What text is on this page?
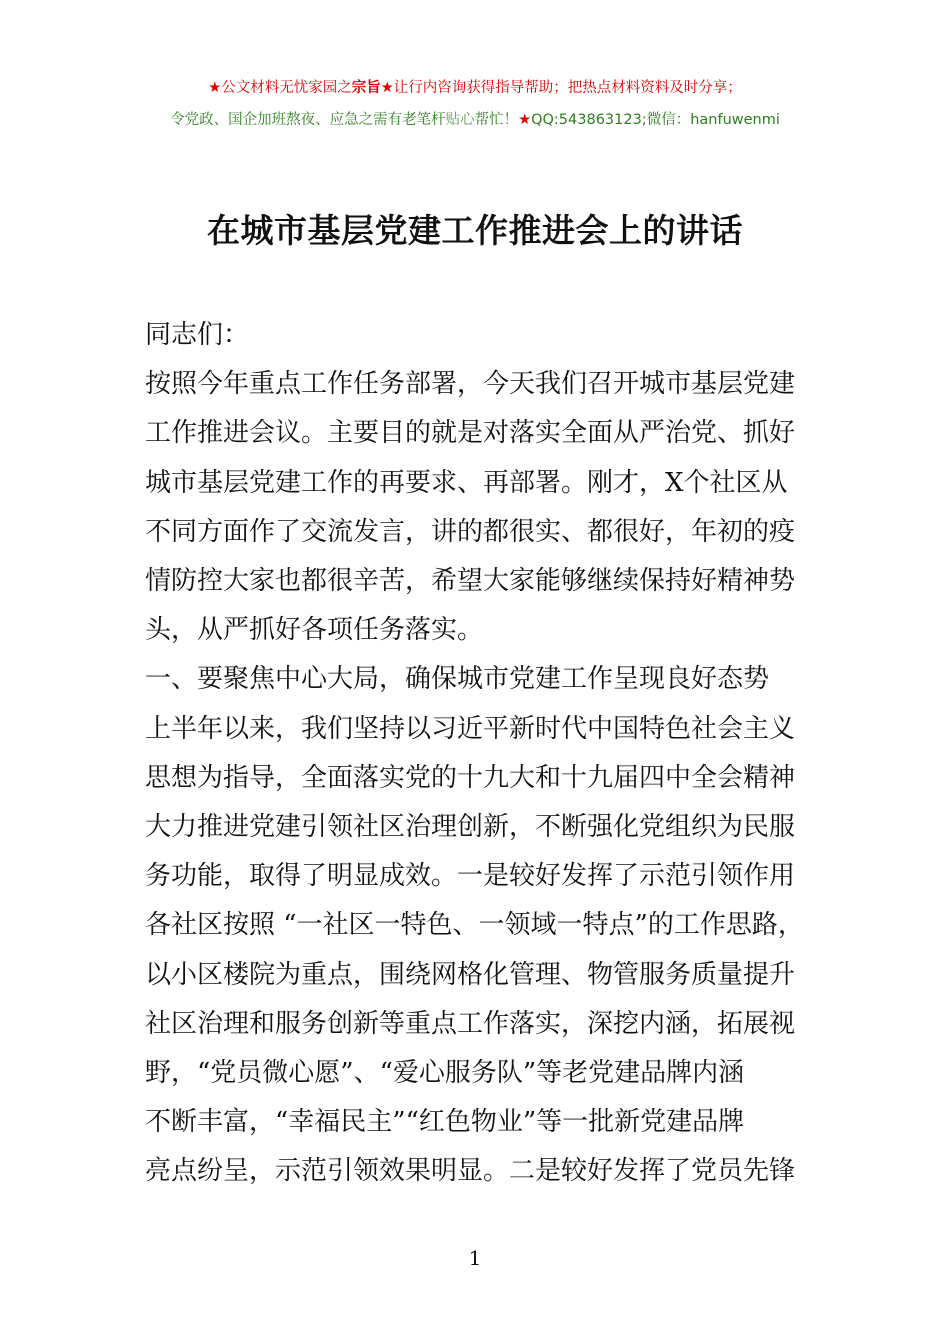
★公文材料无忧家园之宗旨★让行内咨询获得指导帮助；把热点材料资料及时分享；
令党政、国企加班熬夜、应急之需有老笔杆贴心帮忙！★QQ:543863123;微信：hanfuwenmi
在城市基层党建工作推进会上的讲话
同志们：
按照今年重点工作任务部署，今天我们召开城市基层党建
工作推进会议。主要目的就是对落实全面从严治党、抓好
城市基层党建工作的再要求、再部署。刚才，X个社区从
不同方面作了交流发言，讲的都很实、都很好，年初的疫
情防控大家也都很辛苦，希望大家能够继续保持好精神势
头，从严抓好各项任务落实。
一、要聚焦中心大局，确保城市党建工作呈现良好态势
上半年以来，我们坚持以习近平新时代中国特色社会主义
思想为指导，全面落实党的十九大和十九届四中全会精神
大力推进党建引领社区治理创新，不断强化党组织为民服
务功能，取得了明显成效。一是较好发挥了示范引领作用
各社区按照 “一社区一特色、一领域一特点”的工作思路，
以小区楼院为重点，围绕网格化管理、物管服务质量提升
社区治理和服务创新等重点工作落实，深挖内涵，拓展视
野，“党员微心愿”、“爱心服务队”等老党建品牌内涵
不断丰富，“幸福民主”“红色物业”等一批新党建品牌
亮点纷呈，示范引领效果明显。二是较好发挥了党员先锋
1
